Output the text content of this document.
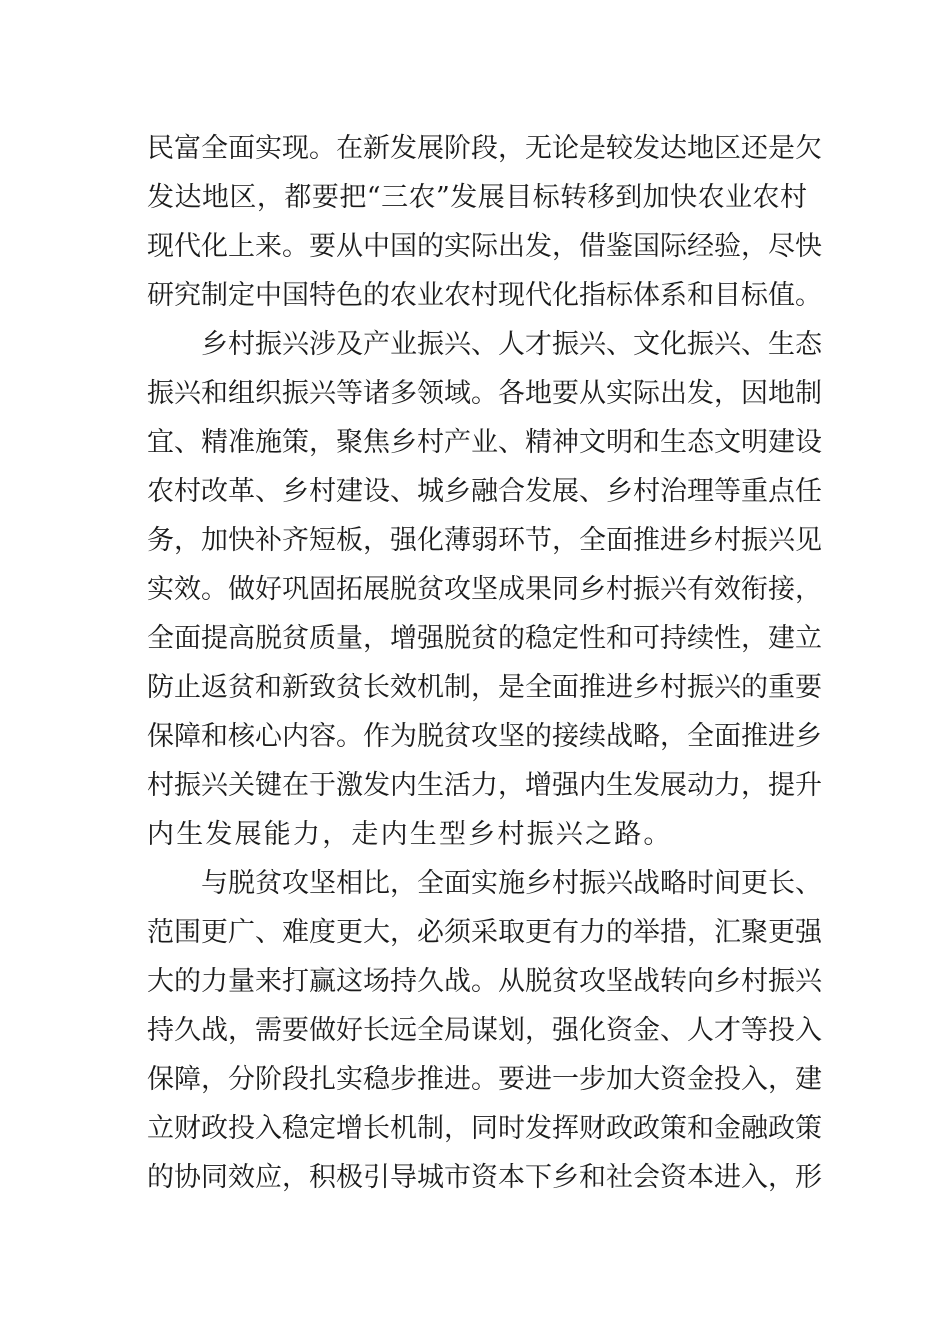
民富全面实现。在新发展阶段，无论是较发达地区还是欠
发达地区，都要把“三农”发展目标转移到加快农业农村
现代化上来。要从中国的实际出发，借鉴国际经验，尽快
研究制定中国特色的农业农村现代化指标体系和目标值。
乡村振兴涉及产业振兴、人才振兴、文化振兴、生态
振兴和组织振兴等诸多领域。各地要从实际出发，因地制
宜、精准施策，聚焦乡村产业、精神文明和生态文明建设
农村改革、乡村建设、城乡融合发展、乡村治理等重点任
务，加快补齐短板，强化薄弱环节，全面推进乡村振兴见
实效。做好巩固拓展脱贫攻坚成果同乡村振兴有效衔接，
全面提高脱贫质量，增强脱贫的稳定性和可持续性，建立
防止返贫和新致贫长效机制，是全面推进乡村振兴的重要
保障和核心内容。作为脱贫攻坚的接续战略，全面推进乡
村振兴关键在于激发内生活力，增强内生发展动力，提升
内生发展能力，走内生型乡村振兴之路。
与脱贫攻坚相比，全面实施乡村振兴战略时间更长、
范围更广、难度更大，必须采取更有力的举措，汇聚更强
大的力量来打赢这场持久战。从脱贫攻坚战转向乡村振兴
持久战，需要做好长远全局谋划，强化资金、人才等投入
保障，分阶段扎实稳步推进。要进一步加大资金投入，建
立财政投入稳定增长机制，同时发挥财政政策和金融政策
的协同效应，积极引导城市资本下乡和社会资本进入，形
